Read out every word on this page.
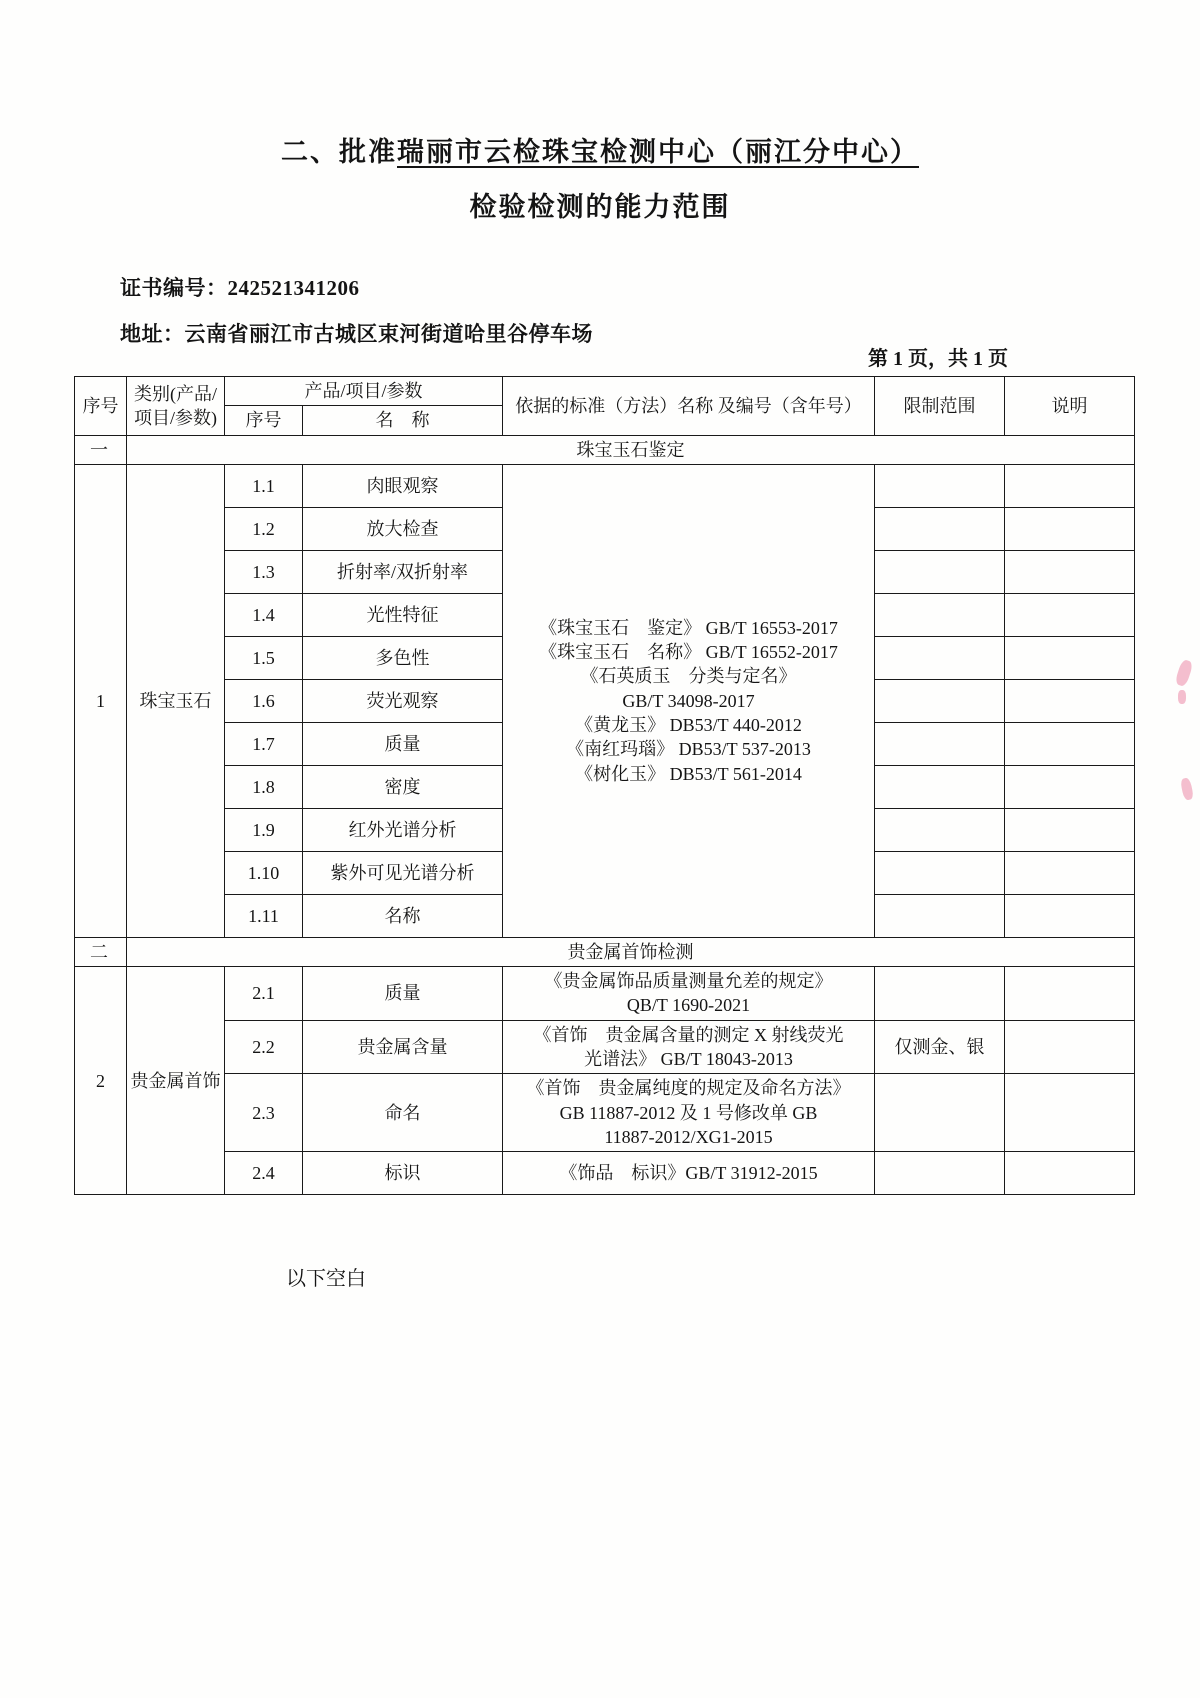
二、批准瑞丽市云检珠宝检测中心（丽江分中心）
检验检测的能力范围
证书编号：242521341206
地址：云南省丽江市古城区束河街道哈里谷停车场
第 1 页，共 1 页
序号	类别(产品/项目/参数)	产品/项目/参数		依据的标准（方法）名称 及编号（含年号）	限制范围	说明
		序号	名　称			
一	珠宝玉石鉴定					
1	珠宝玉石	1.1	肉眼观察	
《珠宝玉石　鉴定》 GB/T 16553-2017
《珠宝玉石　名称》 GB/T 16552-2017
《石英质玉　分类与定名》
GB/T 34098-2017
《黄龙玉》 DB53/T 440-2012
《南红玛瑙》 DB53/T 537-2013
《树化玉》 DB53/T 561-2014

		1.2	放大检查			
		1.3	折射率/双折射率			
		1.4	光性特征			
		1.5	多色性			
		1.6	荧光观察			
		1.7	质量			
		1.8	密度			
		1.9	红外光谱分析			
		1.10	紫外可见光谱分析			
		1.11	名称			
二	贵金属首饰检测					
2	贵金属首饰	2.1	质量	《贵金属饰品质量测量允差的规定》
QB/T 1690-2021		

		2.2	贵金属含量	《首饰　贵金属含量的测定 X 射线荧光
光谱法》 GB/T 18043-2013	仅测金、银	
		2.3	命名	《首饰　贵金属纯度的规定及命名方法》
GB 11887-2012 及 1 号修改单 GB
11887-2012/XG1-2015		

		2.4	标识	《饰品　标识》GB/T 31912-2015		

以下空白
